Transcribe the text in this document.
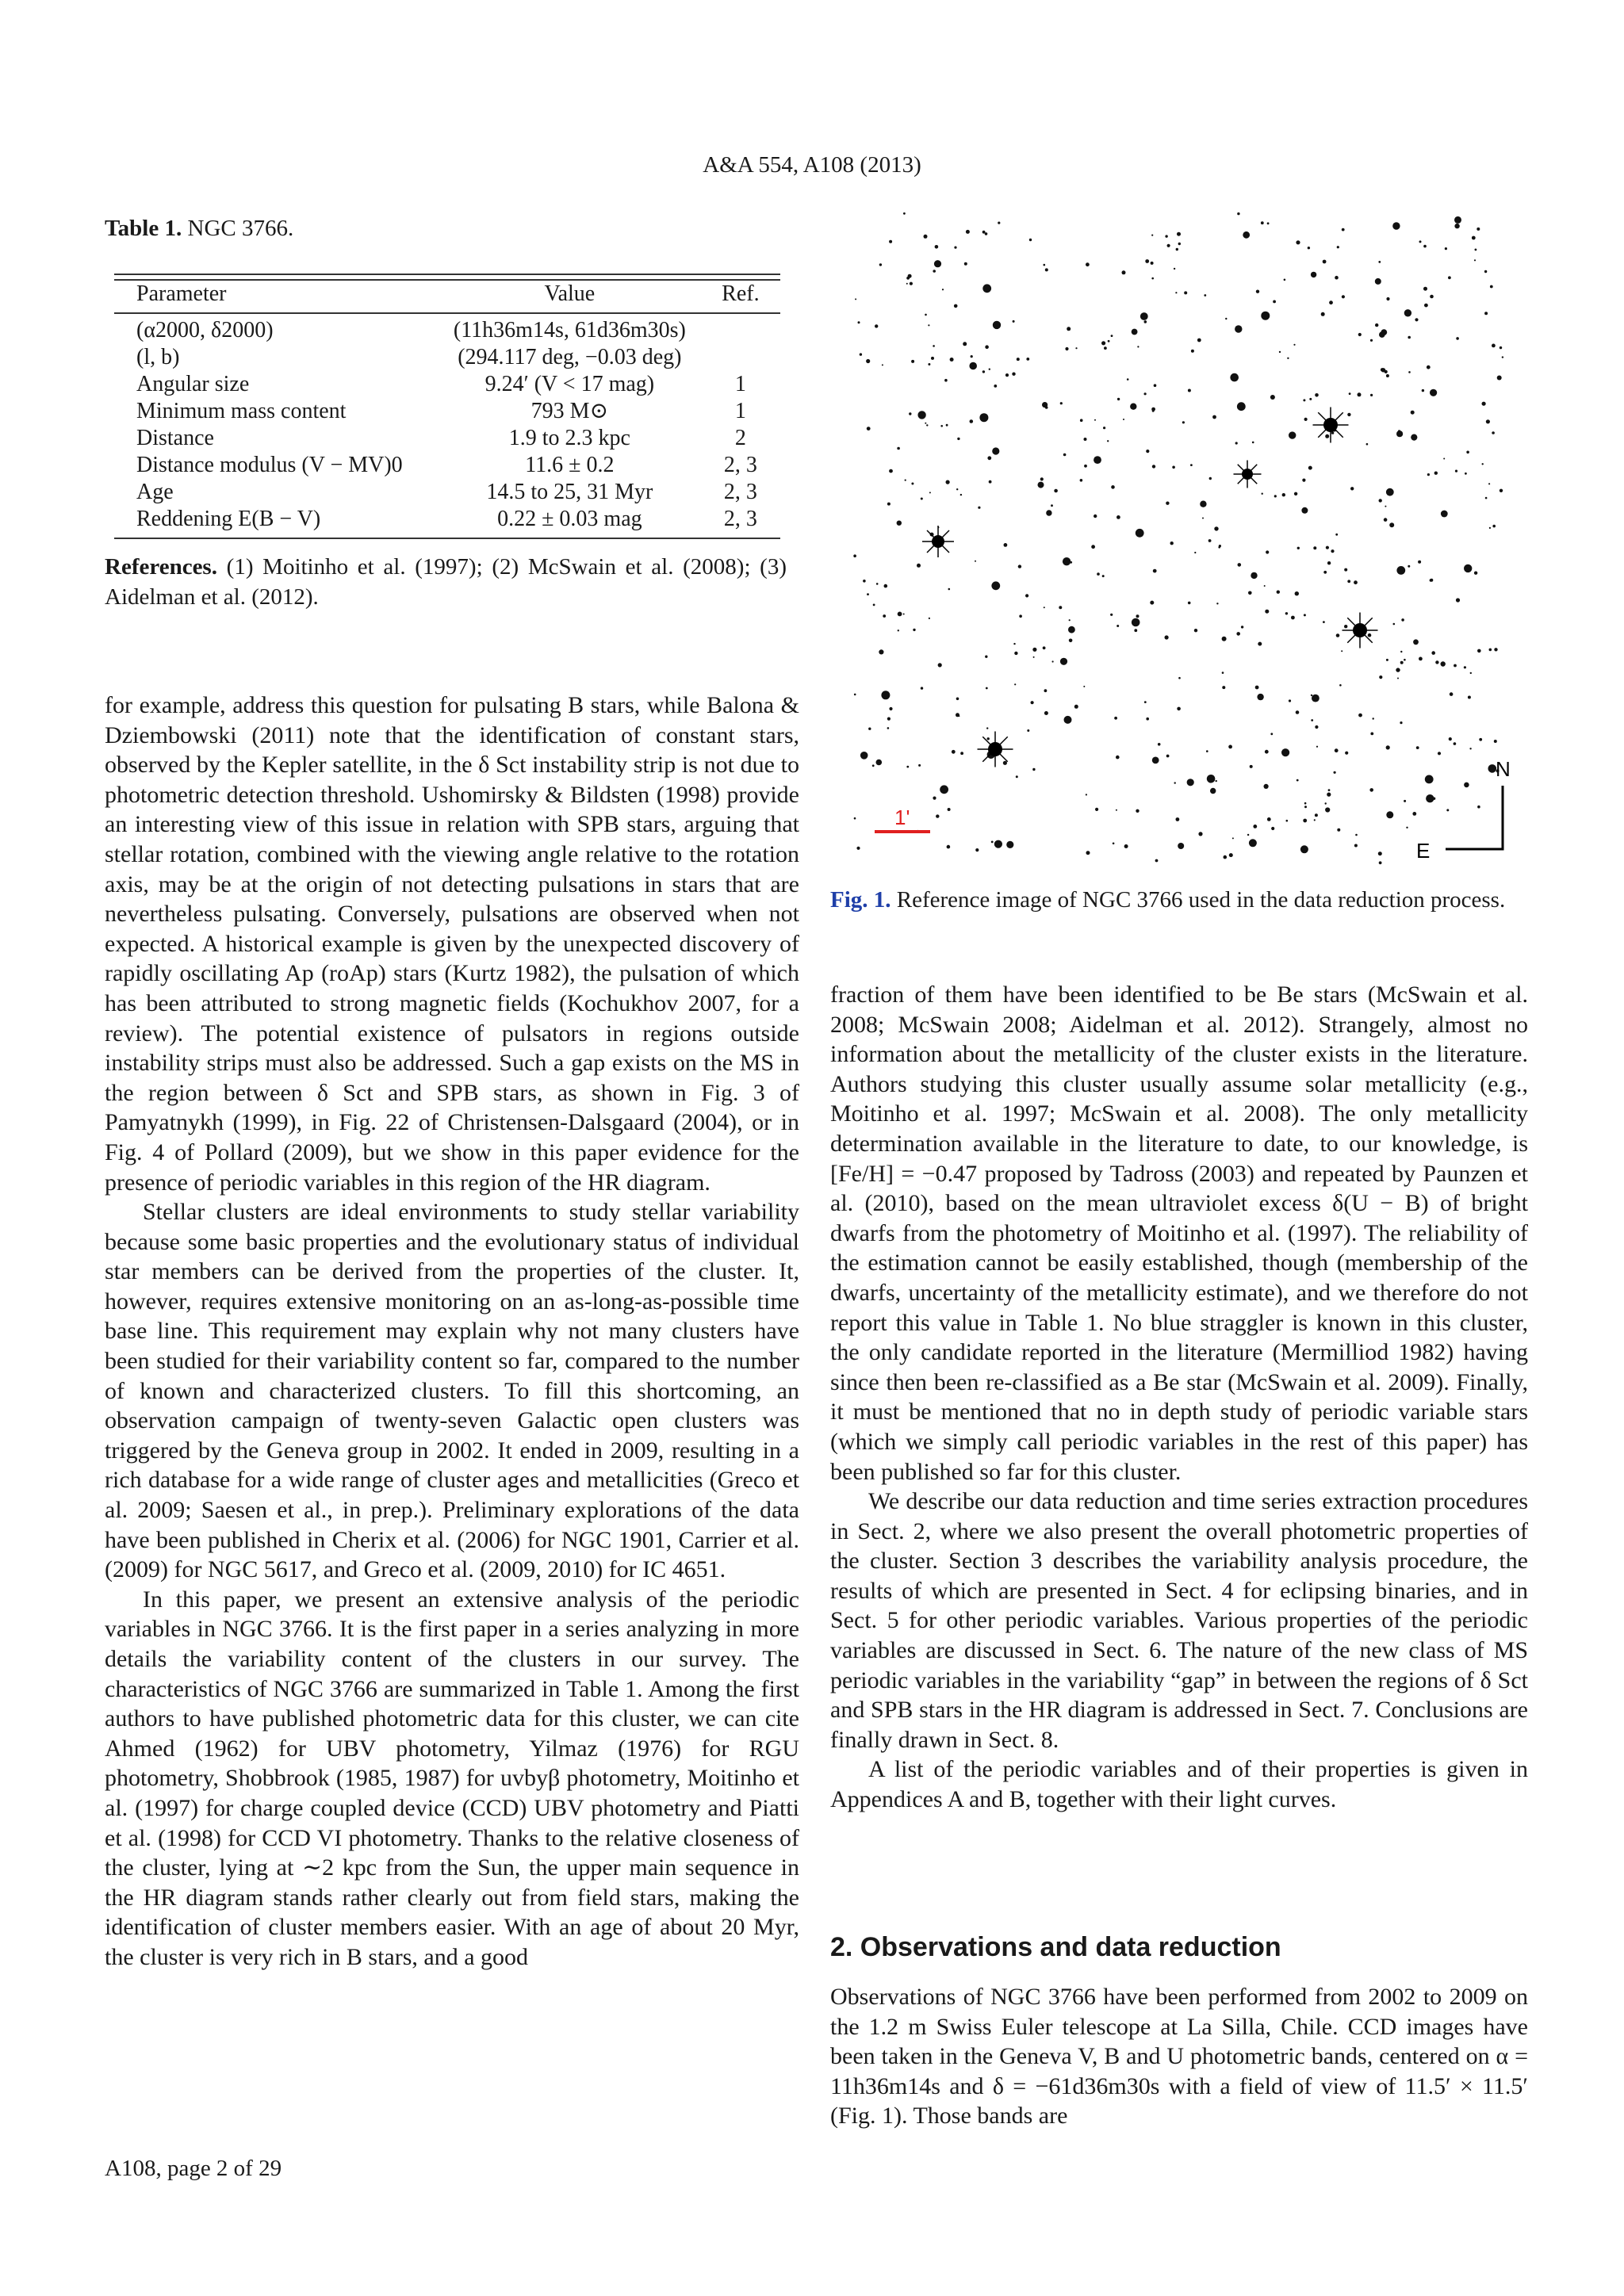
A&A 554, A108 (2013)
Table 1. NGC 3766.
Parameter	Value	Ref.
(α2000, δ2000)	(11h36m14s, 61d36m30s)	
(l, b)	(294.117 deg, −0.03 deg)	
Angular size	9.24′ (V < 17 mag)	1
Minimum mass content	793 M⊙	1
Distance	1.9 to 2.3 kpc	2
Distance modulus (V − MV)0	11.6 ± 0.2	2, 3
Age	14.5 to 25, 31 Myr	2, 3
Reddening E(B − V)	0.22 ± 0.03 mag	2, 3
References. (1) Moitinho et al. (1997); (2) McSwain et al. (2008); (3) Aidelman et al. (2012).

for example, address this question for pulsating B stars, while Balona & Dziembowski (2011) note that the identification of constant stars, observed by the Kepler satellite, in the δ Sct instability strip is not due to photometric detection threshold. Ushomirsky & Bildsten (1998) provide an interesting view of this issue in relation with SPB stars, arguing that stellar rotation, combined with the viewing angle relative to the rotation axis, may be at the origin of not detecting pulsations in stars that are nevertheless pulsating. Conversely, pulsations are observed when not expected. A historical example is given by the unexpected discovery of rapidly oscillating Ap (roAp) stars (Kurtz 1982), the pulsation of which has been attributed to strong magnetic fields (Kochukhov 2007, for a review). The potential existence of pulsators in regions outside instability strips must also be addressed. Such a gap exists on the MS in the region between δ Sct and SPB stars, as shown in Fig. 3 of Pamyatnykh (1999), in Fig. 22 of Christensen-Dalsgaard (2004), or in Fig. 4 of Pollard (2009), but we show in this paper evidence for the presence of periodic variables in this region of the HR diagram.

Stellar clusters are ideal environments to study stellar variability because some basic properties and the evolutionary status of individual star members can be derived from the properties of the cluster. It, however, requires extensive monitoring on an as-long-as-possible time base line. This requirement may explain why not many clusters have been studied for their variability content so far, compared to the number of known and characterized clusters. To fill this shortcoming, an observation campaign of twenty-seven Galactic open clusters was triggered by the Geneva group in 2002. It ended in 2009, resulting in a rich database for a wide range of cluster ages and metallicities (Greco et al. 2009; Saesen et al., in prep.). Preliminary explorations of the data have been published in Cherix et al. (2006) for NGC 1901, Carrier et al. (2009) for NGC 5617, and Greco et al. (2009, 2010) for IC 4651.

In this paper, we present an extensive analysis of the periodic variables in NGC 3766. It is the first paper in a series analyzing in more details the variability content of the clusters in our survey. The characteristics of NGC 3766 are summarized in Table 1. Among the first authors to have published photometric data for this cluster, we can cite Ahmed (1962) for UBV photometry, Yilmaz (1976) for RGU photometry, Shobbrook (1985, 1987) for uvbyβ photometry, Moitinho et al. (1997) for charge coupled device (CCD) UBV photometry and Piatti et al. (1998) for CCD VI photometry. Thanks to the relative closeness of the cluster, lying at ∼2 kpc from the Sun, the upper main sequence in the HR diagram stands rather clearly out from field stars, making the identification of cluster members easier. With an age of about 20 Myr, the cluster is very rich in B stars, and a good

1'
N
E
Fig. 1. Reference image of NGC 3766 used in the data reduction process.

fraction of them have been identified to be Be stars (McSwain et al. 2008; McSwain 2008; Aidelman et al. 2012). Strangely, almost no information about the metallicity of the cluster exists in the literature. Authors studying this cluster usually assume solar metallicity (e.g., Moitinho et al. 1997; McSwain et al. 2008). The only metallicity determination available in the literature to date, to our knowledge, is [Fe/H] = −0.47 proposed by Tadross (2003) and repeated by Paunzen et al. (2010), based on the mean ultraviolet excess δ(U − B) of bright dwarfs from the photometry of Moitinho et al. (1997). The reliability of the estimation cannot be easily established, though (membership of the dwarfs, uncertainty of the metallicity estimate), and we therefore do not report this value in Table 1. No blue straggler is known in this cluster, the only candidate reported in the literature (Mermilliod 1982) having since then been re-classified as a Be star (McSwain et al. 2009). Finally, it must be mentioned that no in depth study of periodic variable stars (which we simply call periodic variables in the rest of this paper) has been published so far for this cluster.

We describe our data reduction and time series extraction procedures in Sect. 2, where we also present the overall photometric properties of the cluster. Section 3 describes the variability analysis procedure, the results of which are presented in Sect. 4 for eclipsing binaries, and in Sect. 5 for other periodic variables. Various properties of the periodic variables are discussed in Sect. 6. The nature of the new class of MS periodic variables in the variability “gap” in between the regions of δ Sct and SPB stars in the HR diagram is addressed in Sect. 7. Conclusions are finally drawn in Sect. 8.

A list of the periodic variables and of their properties is given in Appendices A and B, together with their light curves.

2. Observations and data reduction

Observations of NGC 3766 have been performed from 2002 to 2009 on the 1.2 m Swiss Euler telescope at La Silla, Chile. CCD images have been taken in the Geneva V, B and U photometric bands, centered on α = 11h36m14s and δ = −61d36m30s with a field of view of 11.5′ × 11.5′ (Fig. 1). Those bands are

A108, page 2 of 29
